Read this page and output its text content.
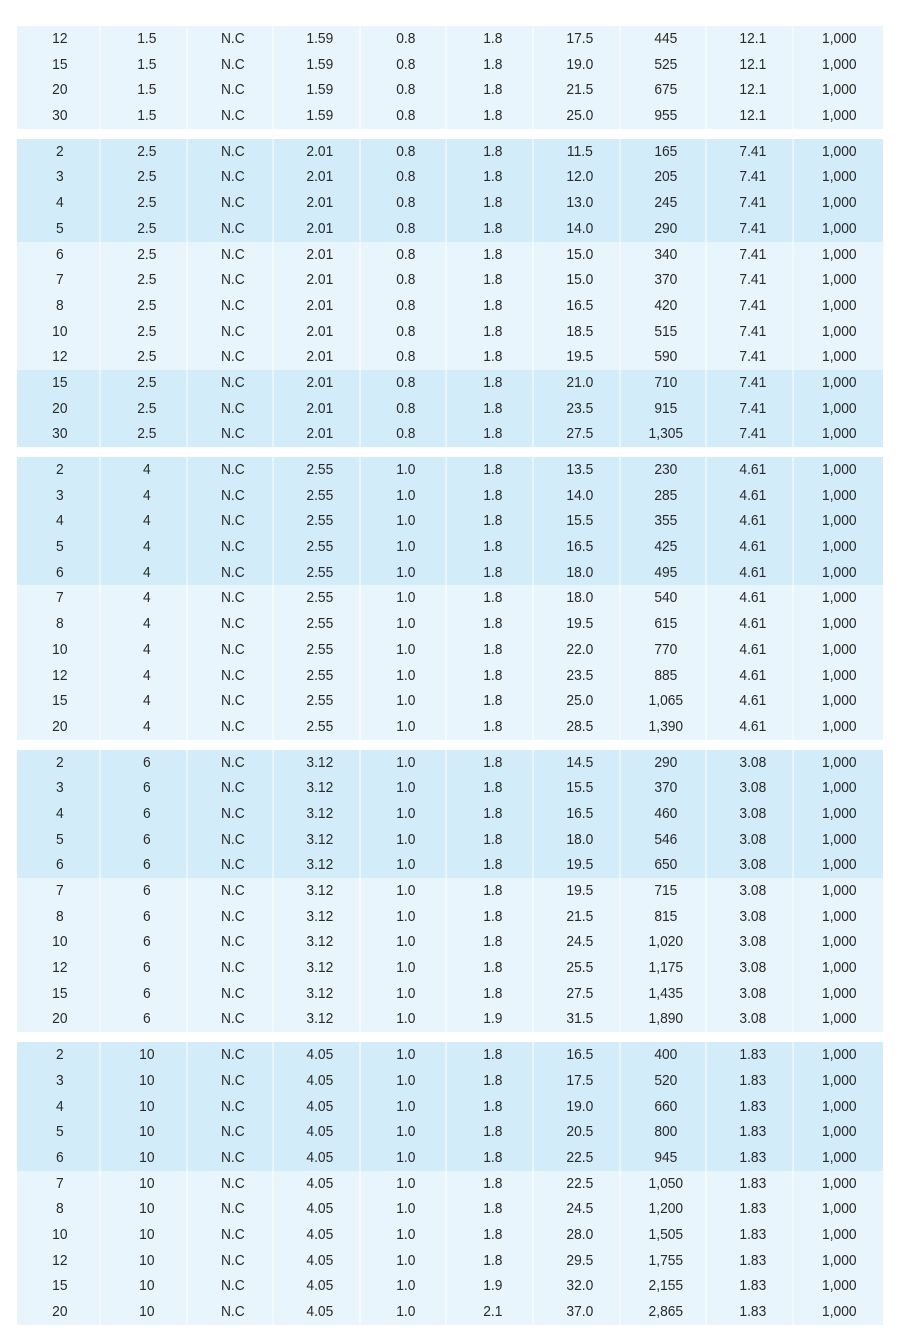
12	1.5	N.C	1.59	0.8	1.8	17.5	445	12.1	1,000
15	1.5	N.C	1.59	0.8	1.8	19.0	525	12.1	1,000
20	1.5	N.C	1.59	0.8	1.8	21.5	675	12.1	1,000
30	1.5	N.C	1.59	0.8	1.8	25.0	955	12.1	1,000
2	2.5	N.C	2.01	0.8	1.8	11.5	165	7.41	1,000
3	2.5	N.C	2.01	0.8	1.8	12.0	205	7.41	1,000
4	2.5	N.C	2.01	0.8	1.8	13.0	245	7.41	1,000
5	2.5	N.C	2.01	0.8	1.8	14.0	290	7.41	1,000
6	2.5	N.C	2.01	0.8	1.8	15.0	340	7.41	1,000
7	2.5	N.C	2.01	0.8	1.8	15.0	370	7.41	1,000
8	2.5	N.C	2.01	0.8	1.8	16.5	420	7.41	1,000
10	2.5	N.C	2.01	0.8	1.8	18.5	515	7.41	1,000
12	2.5	N.C	2.01	0.8	1.8	19.5	590	7.41	1,000
15	2.5	N.C	2.01	0.8	1.8	21.0	710	7.41	1,000
20	2.5	N.C	2.01	0.8	1.8	23.5	915	7.41	1,000
30	2.5	N.C	2.01	0.8	1.8	27.5	1,305	7.41	1,000
2	4	N.C	2.55	1.0	1.8	13.5	230	4.61	1,000
3	4	N.C	2.55	1.0	1.8	14.0	285	4.61	1,000
4	4	N.C	2.55	1.0	1.8	15.5	355	4.61	1,000
5	4	N.C	2.55	1.0	1.8	16.5	425	4.61	1,000
6	4	N.C	2.55	1.0	1.8	18.0	495	4.61	1,000
7	4	N.C	2.55	1.0	1.8	18.0	540	4.61	1,000
8	4	N.C	2.55	1.0	1.8	19.5	615	4.61	1,000
10	4	N.C	2.55	1.0	1.8	22.0	770	4.61	1,000
12	4	N.C	2.55	1.0	1.8	23.5	885	4.61	1,000
15	4	N.C	2.55	1.0	1.8	25.0	1,065	4.61	1,000
20	4	N.C	2.55	1.0	1.8	28.5	1,390	4.61	1,000
2	6	N.C	3.12	1.0	1.8	14.5	290	3.08	1,000
3	6	N.C	3.12	1.0	1.8	15.5	370	3.08	1,000
4	6	N.C	3.12	1.0	1.8	16.5	460	3.08	1,000
5	6	N.C	3.12	1.0	1.8	18.0	546	3.08	1,000
6	6	N.C	3.12	1.0	1.8	19.5	650	3.08	1,000
7	6	N.C	3.12	1.0	1.8	19.5	715	3.08	1,000
8	6	N.C	3.12	1.0	1.8	21.5	815	3.08	1,000
10	6	N.C	3.12	1.0	1.8	24.5	1,020	3.08	1,000
12	6	N.C	3.12	1.0	1.8	25.5	1,175	3.08	1,000
15	6	N.C	3.12	1.0	1.8	27.5	1,435	3.08	1,000
20	6	N.C	3.12	1.0	1.9	31.5	1,890	3.08	1,000
2	10	N.C	4.05	1.0	1.8	16.5	400	1.83	1,000
3	10	N.C	4.05	1.0	1.8	17.5	520	1.83	1,000
4	10	N.C	4.05	1.0	1.8	19.0	660	1.83	1,000
5	10	N.C	4.05	1.0	1.8	20.5	800	1.83	1,000
6	10	N.C	4.05	1.0	1.8	22.5	945	1.83	1,000
7	10	N.C	4.05	1.0	1.8	22.5	1,050	1.83	1,000
8	10	N.C	4.05	1.0	1.8	24.5	1,200	1.83	1,000
10	10	N.C	4.05	1.0	1.8	28.0	1,505	1.83	1,000
12	10	N.C	4.05	1.0	1.8	29.5	1,755	1.83	1,000
15	10	N.C	4.05	1.0	1.9	32.0	2,155	1.83	1,000
20	10	N.C	4.05	1.0	2.1	37.0	2,865	1.83	1,000
